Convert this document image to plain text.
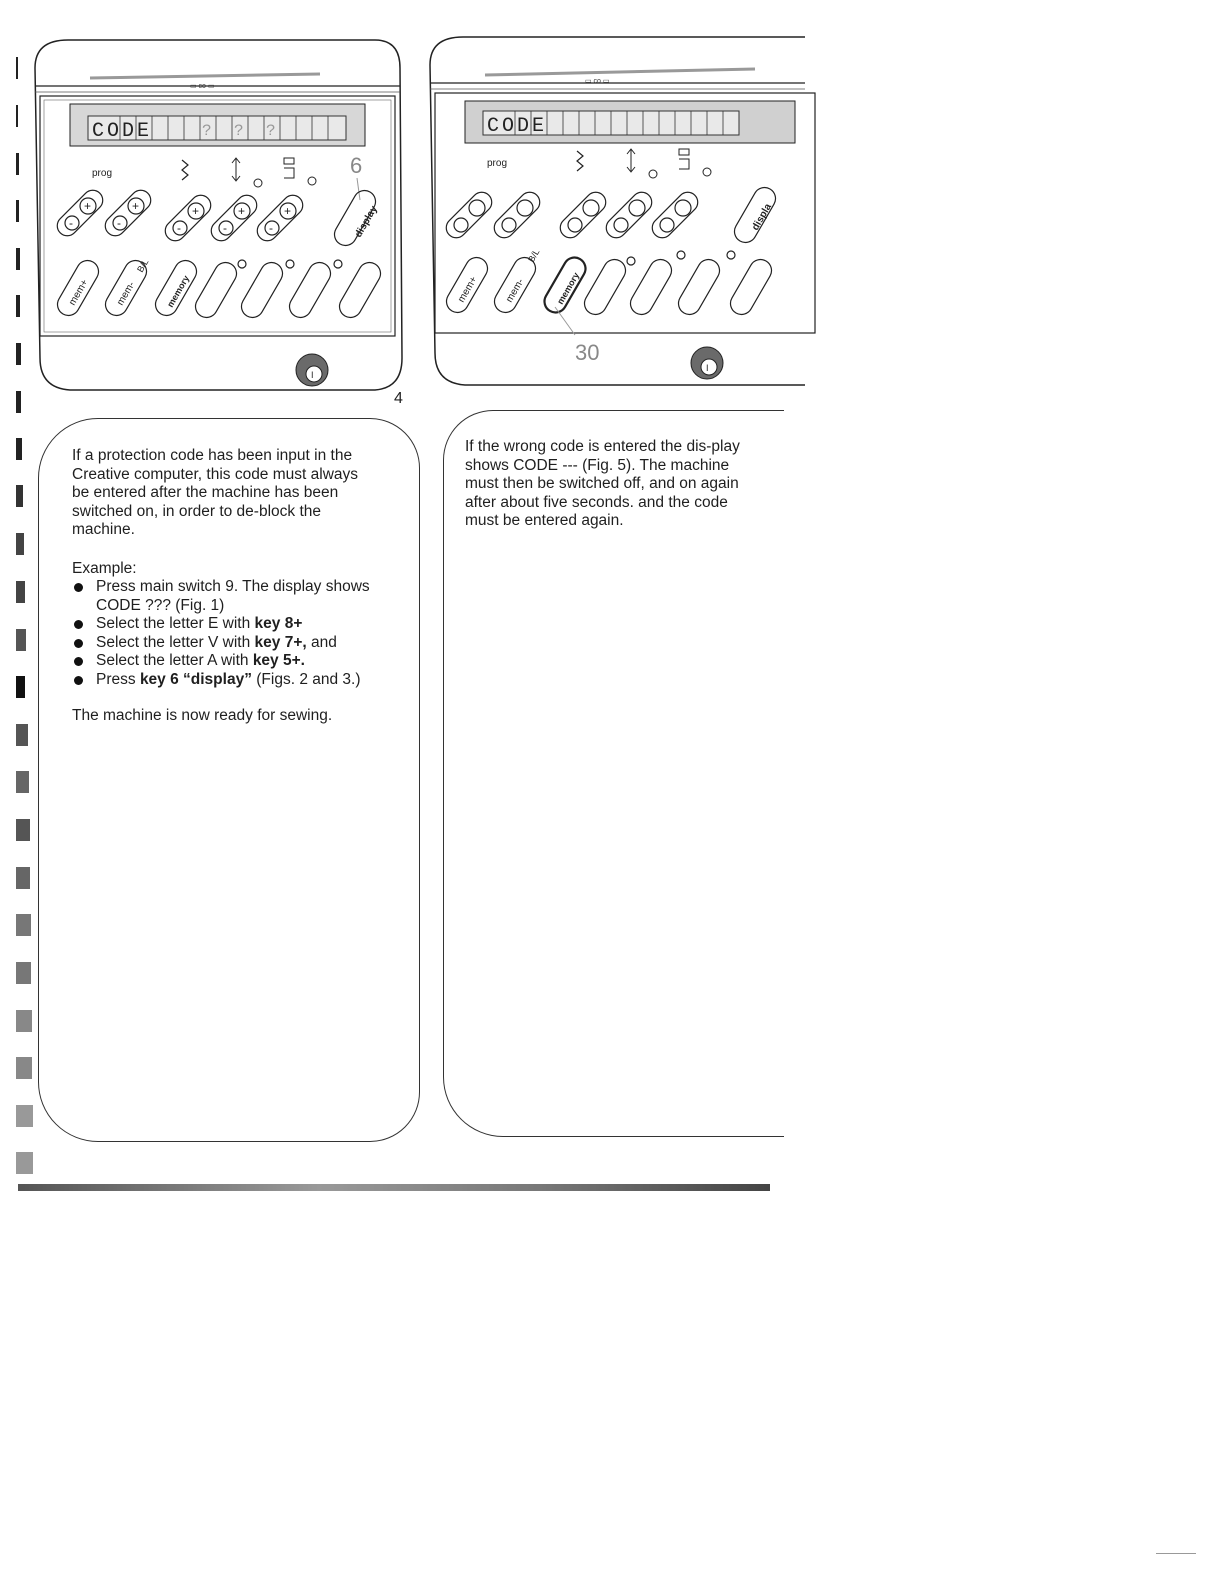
▭ co ▭
CODE	? ? ?
prog	6
+
-
+
-
+
-
+
-
+
-	display
B/L
mem+ mem-	memory
I
4
▭ co ▭
CODE
prog
displa
B/L
mem+ mem-	memory
30
I

If a protection code has been input in the Creative computer, this code must always be entered after the machine has been switched on, in order to de-block the machine.

Example:

Press main switch 9. The display shows CODE ??? (Fig. 1)
Select the letter E with key 8+
Select the letter V with key 7+, and
Select the letter A with key 5+.
Press key 6 “display” (Figs. 2 and 3.)

The machine is now ready for sewing.

If the wrong code is entered the dis-play shows CODE --- (Fig. 5). The machine must then be switched off, and on again after about five seconds. and the code must be entered again.
